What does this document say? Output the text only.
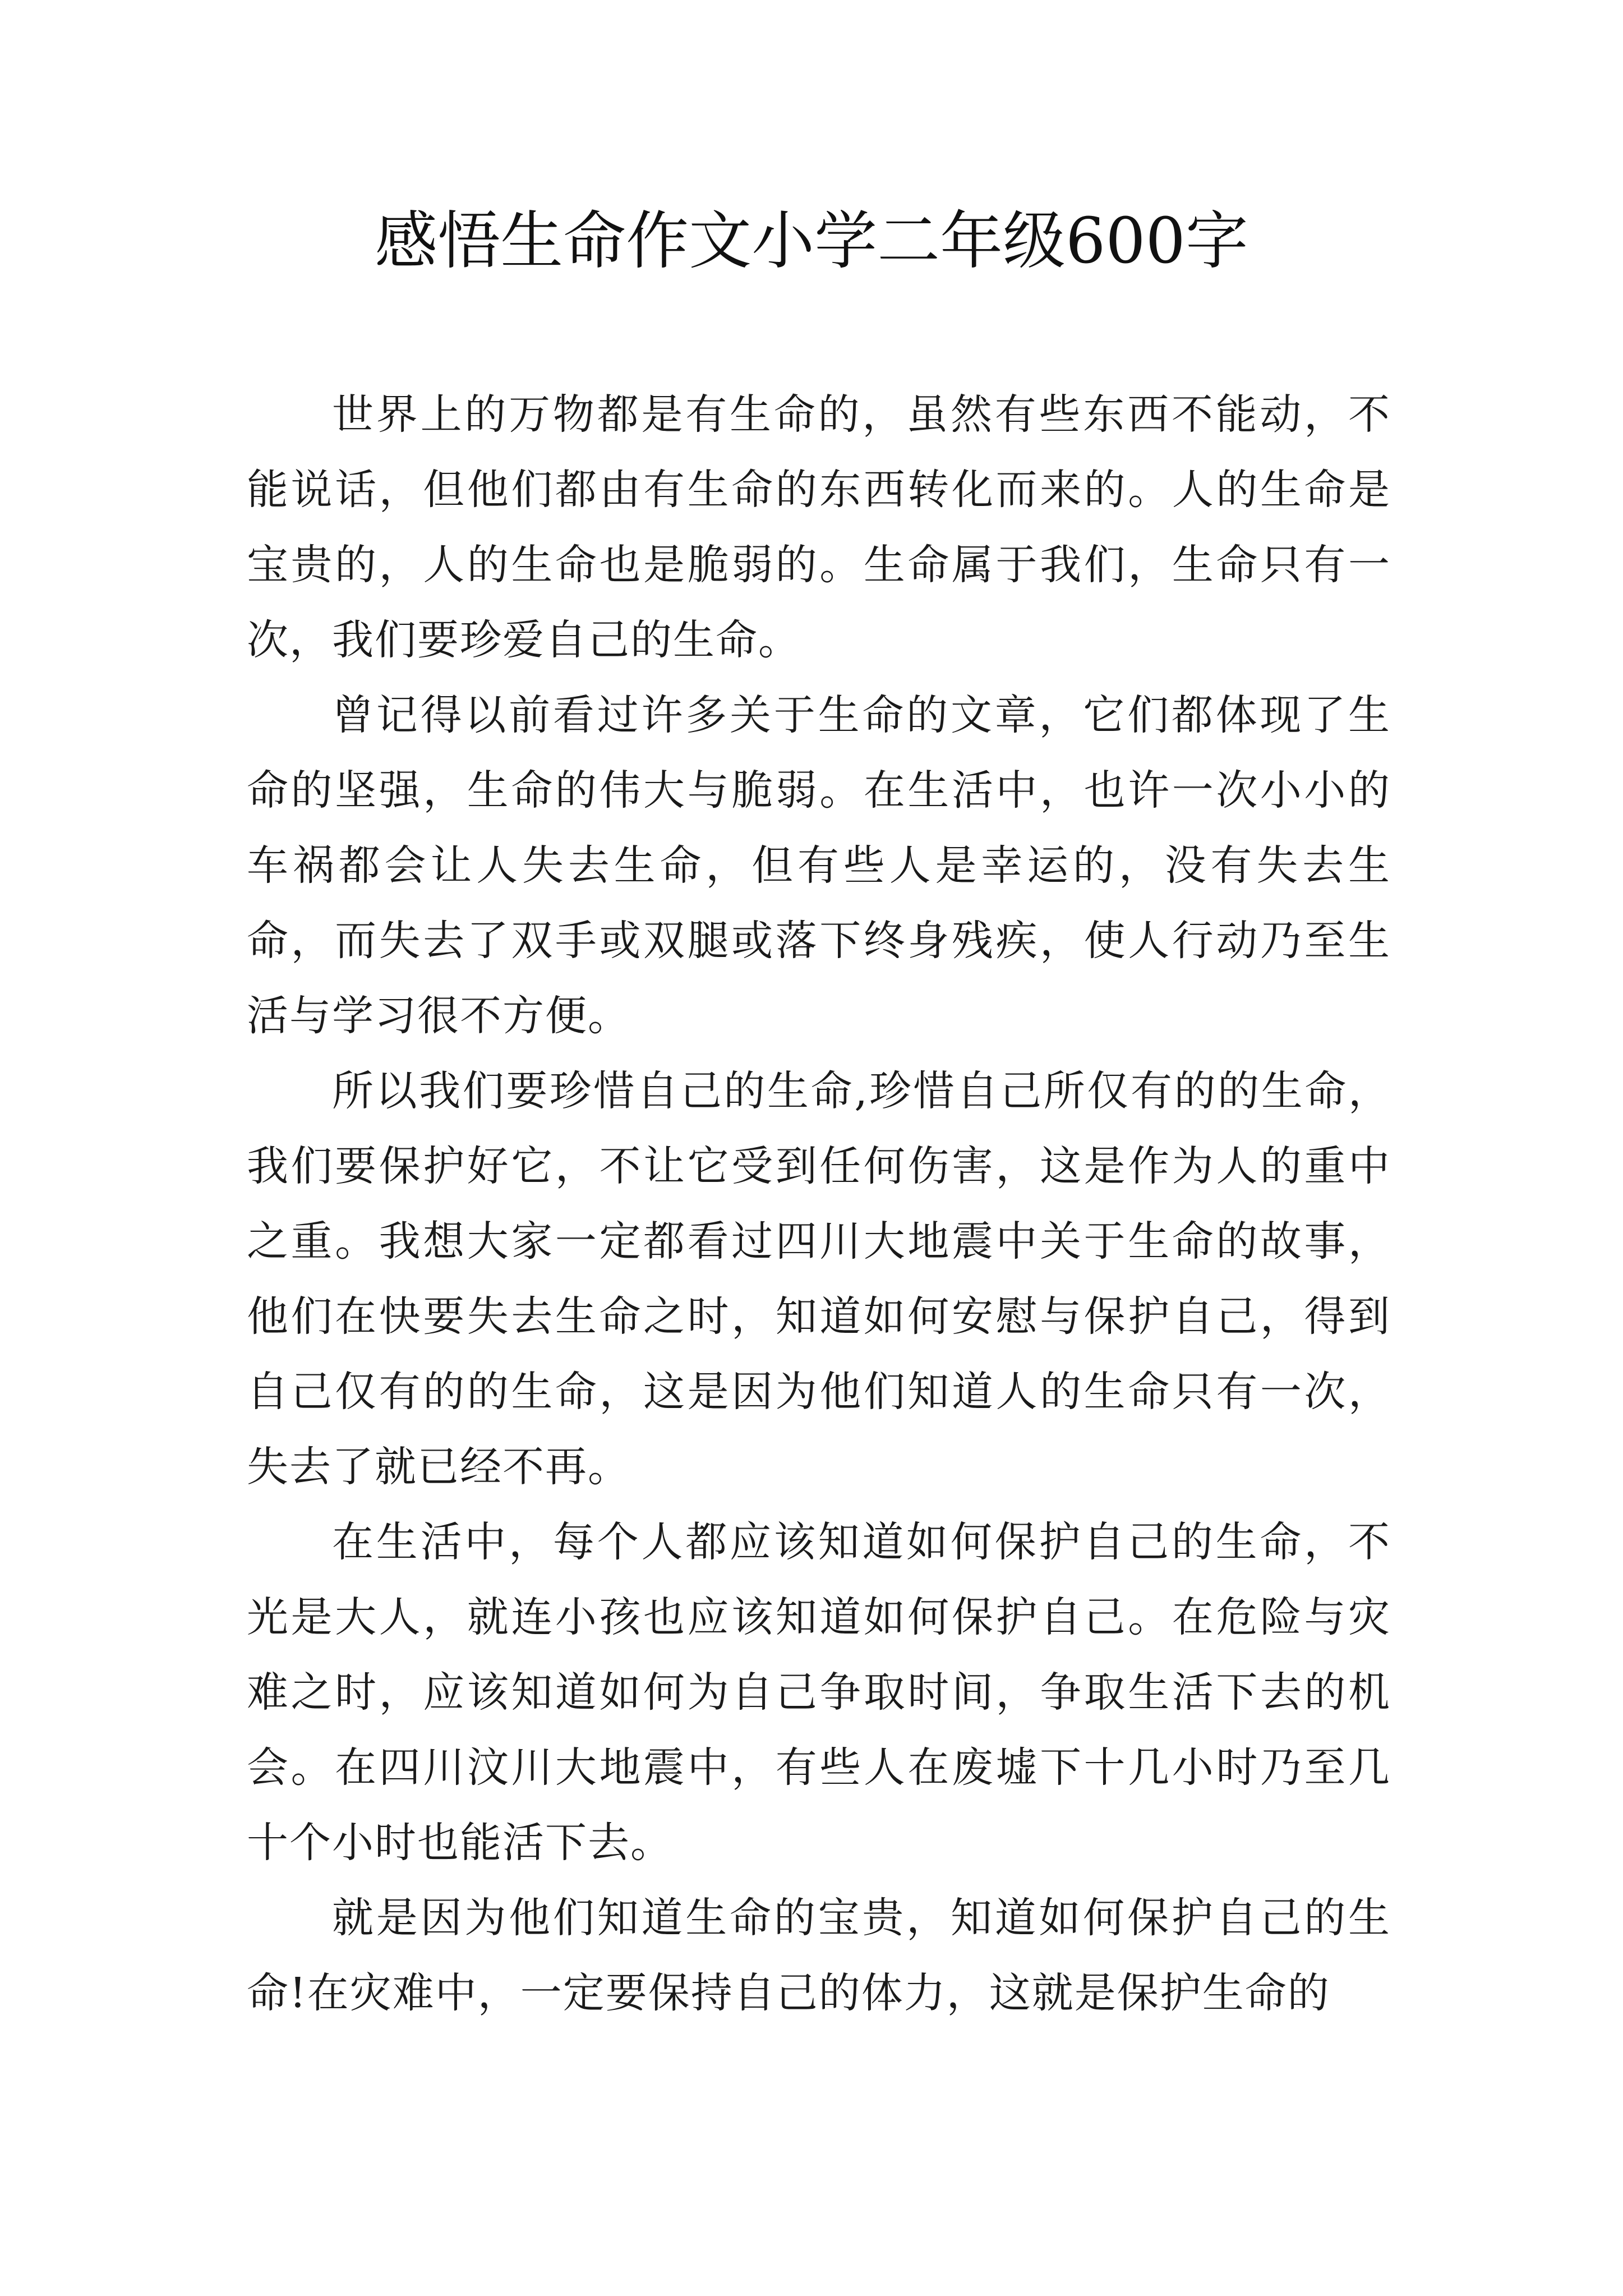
感悟生命作文小学二年级600字

世界上的万物都是有生命的，虽然有些东西不能动，不能说话，但他们都由有生命的东西转化而来的。人的生命是宝贵的，人的生命也是脆弱的。生命属于我们，生命只有一次，我们要珍爱自己的生命。

曾记得以前看过许多关于生命的文章，它们都体现了生命的坚强，生命的伟大与脆弱。在生活中，也许一次小小的车祸都会让人失去生命，但有些人是幸运的，没有失去生命，而失去了双手或双腿或落下终身残疾，使人行动乃至生活与学习很不方便。

所以我们要珍惜自己的生命,珍惜自己所仅有的的生命，我们要保护好它，不让它受到任何伤害，这是作为人的重中之重。我想大家一定都看过四川大地震中关于生命的故事，他们在快要失去生命之时，知道如何安慰与保护自己，得到自己仅有的的生命，这是因为他们知道人的生命只有一次，失去了就已经不再。

在生活中，每个人都应该知道如何保护自己的生命，不光是大人，就连小孩也应该知道如何保护自己。在危险与灾难之时，应该知道如何为自己争取时间，争取生活下去的机会。在四川汶川大地震中，有些人在废墟下十几小时乃至几十个小时也能活下去。

就是因为他们知道生命的宝贵，知道如何保护自己的生命!在灾难中，一定要保持自己的体力，这就是保护生命的
